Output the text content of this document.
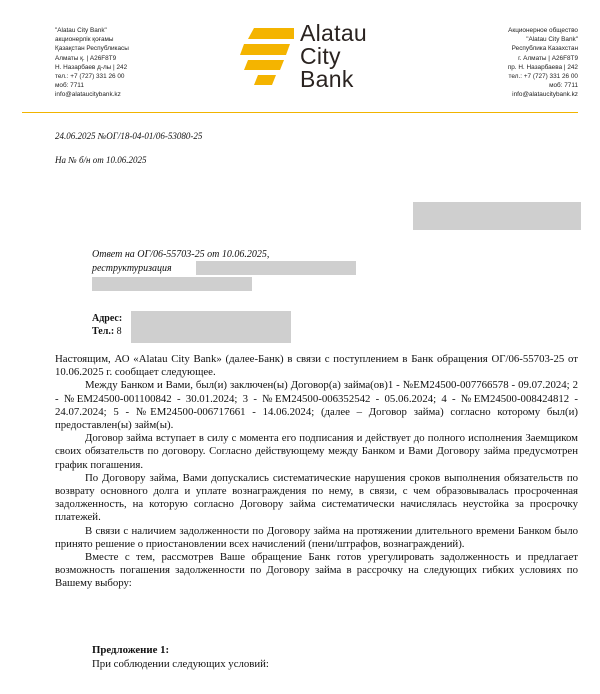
"Alatau City Bank"
акционерлік қоғамы
Қазақстан Республикасы
Алматы қ. | A26F8T9
Н. Назарбаев д-лы | 242
тел.: +7 (727) 331 26 00
моб: 7711
info@alataucitybank.kz
Alatau
City
Bank
Акционерное общество
"Alatau City Bank"
Республика Казахстан
г. Алматы | A26F8T9
пр. Н. Назарбаева | 242
тел.: +7 (727) 331 26 00
моб: 7711
info@alataucitybank.kz
24.06.2025 №ОГ/18-04-01/06-53080-25
На № б/н от 10.06.2025
Ответ на ОГ/06-55703-25 от 10.06.2025,
реструктуризация
Адрес:
Тел.: 8

Настоящим, АО «Alatau City Bank» (далее-Банк) в связи с поступлением в Банк обращения ОГ/06-55703-25 от 10.06.2025 г. сообщает следующее.

Между Банком и Вами, был(и) заключен(ы) Договор(а) займа(ов)1 - №EM24500-007766578 - 09.07.2024; 2 - №EM24500-001100842 - 30.01.2024; 3 - №EM24500-006352542 - 05.06.2024; 4 - №EM24500-008424812 - 24.07.2024; 5 - №EM24500-006717661 - 14.06.2024; (далее – Договор займа) согласно которому был(и) предоставлен(ы) займ(ы).

Договор займа вступает в силу с момента его подписания и действует до полного исполнения Заемщиком своих обязательств по договору. Согласно действующему между Банком и Вами Договору займа предусмотрен график погашения.

По Договору займа, Вами допускались систематические нарушения сроков выполнения обязательств по возврату основного долга и уплате вознаграждения по нему, в связи, с чем образовывалась просроченная задолженность, на которую согласно Договору займа систематически начислялась неустойка за просрочку платежей.

В связи с наличием задолженности по Договору займа на протяжении длительного времени Банком было принято решение о приостановлении всех начислений (пени/штрафов, вознаграждений).

Вместе с тем, рассмотрев Ваше обращение Банк готов урегулировать задолженность и предлагает возможность погашения задолженности по Договору займа в рассрочку на следующих гибких условиях по Вашему выбору:

Предложение 1:
При соблюдении следующих условий:
